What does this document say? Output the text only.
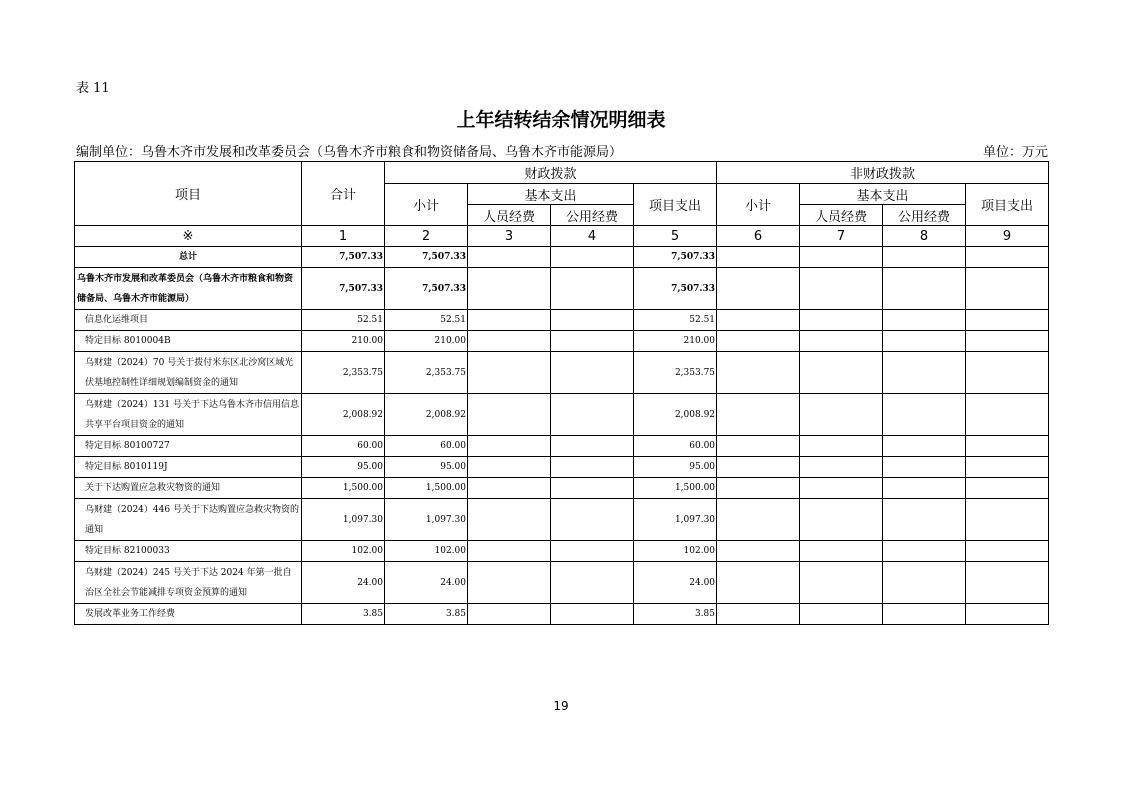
表 11
上年结转结余情况明细表
编制单位：乌鲁木齐市发展和改革委员会（乌鲁木齐市粮食和物资储备局、乌鲁木齐市能源局）	单位：万元
项目	合计	财政拨款				非财政拨款			
		小计	基本支出		项目支出	小计	基本支出		项目支出
			人员经费	公用经费			人员经费	公用经费	
※	1	2	3	4	5	6	7	8	9
总计	7,507.33	7,507.33			7,507.33				
乌鲁木齐市发展和改革委员会（乌鲁木齐市粮食和物资储备局、乌鲁木齐市能源局）	7,507.33	7,507.33			7,507.33				
信息化运维项目	52.51	52.51			52.51				
特定目标 8010004B	210.00	210.00			210.00				
乌财建（2024）70 号关于拨付米东区北沙窝区域光伏基地控制性详细规划编制资金的通知	2,353.75	2,353.75			2,353.75				
乌财建（2024）131 号关于下达乌鲁木齐市信用信息共享平台项目资金的通知	2,008.92	2,008.92			2,008.92				
特定目标 80100727	60.00	60.00			60.00				
特定目标 8010119J	95.00	95.00			95.00				
关于下达购置应急救灾物资的通知	1,500.00	1,500.00			1,500.00				
乌财建（2024）446 号关于下达购置应急救灾物资的通知	1,097.30	1,097.30			1,097.30				
特定目标 82100033	102.00	102.00			102.00				
乌财建（2024）245 号关于下达 2024 年第一批自治区全社会节能减排专项资金预算的通知	24.00	24.00			24.00				
发展改革业务工作经费	3.85	3.85			3.85				
19
